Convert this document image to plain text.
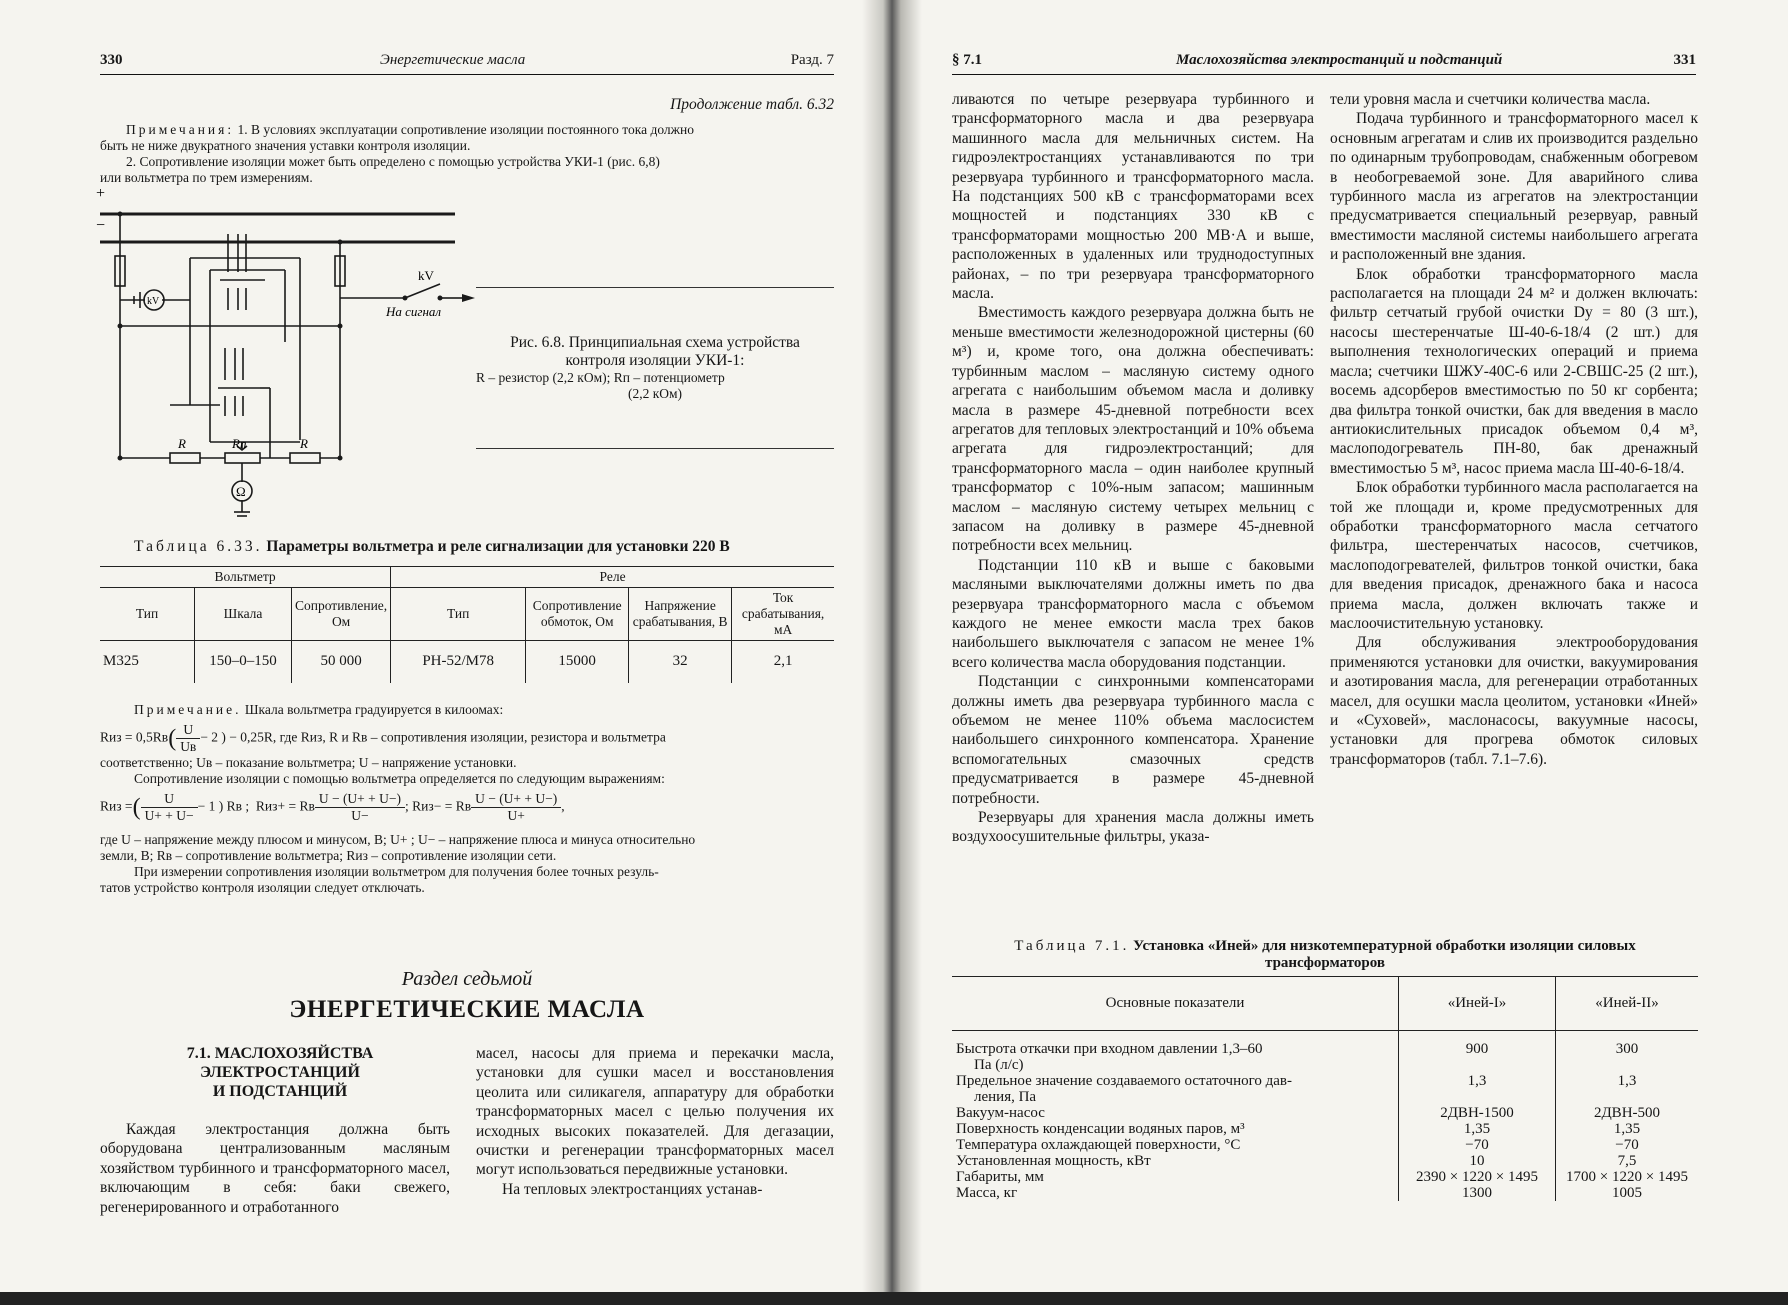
330	Энергетические масла	Разд. 7
Продолжение табл. 6.32
Примечания: 1. В условиях эксплуатации сопротивление изоляции постоянного тока должно
быть не ниже двукратного значения уставки контроля изоляции.
2. Сопротивление изоляции может быть определено с помощью устройства УКИ-1 (рис. 6,8)
или вольтметра по трем измерениям.
+
−
kV
kV
На сигнал
R	Rп	R
Ω
Рис. 6.8. Принципиальная схема устройства
контроля изоляции УКИ-1:
R – резистор (2,2 кОм); Rп – потенциометр
(2,2 кОм)
Таблица 6.33. Параметры вольтметра и реле сигнализации для установки 220 В
Вольтметр			Реле			
Тип	Шкала	Сопротивление, Ом	Тип	Сопротивление обмоток, Ом	Напряжение срабатывания, В	Ток срабатывания, мА
М325	150–0–150	50 000	РН-52/М78	15000	32	2,1
Примечание. Шкала вольтметра градуируется в килоомах:
Rиз = $0,5Rв( \frac{U}{Uв} - 2$ ) − 0,25R, где Rиз, R и Rв – сопротивления изоляции, резистора и вольтметра
соответственно; Uв – показание вольтметра; U – напряжение установки.
Сопротивление изоляции с помощью вольтметра определяется по следующим выражениям:
Rиз =( $\frac{U}{U+ + U-} - 1$ ) Rв ; Rиз+ = Rв $\frac{U - (U+ + U-)}{U-}$ ; Rиз− = Rв $\frac{U - (U+ + U-)}{U+}$ ,
где U – напряжение между плюсом и минусом, В; U+ ; U− – напряжение плюса и минуса относительно
земли, В; Rв – сопротивление вольтметра; Rиз – сопротивление изоляции сети.
При измерении сопротивления изоляции вольтметром для получения более точных резуль-
татов устройство контроля изоляции следует отключать.
Раздел седьмой
ЭНЕРГЕТИЧЕСКИЕ МАСЛА
7.1. МАСЛОХОЗЯЙСТВА
ЭЛЕКТРОСТАНЦИЙ
И ПОДСТАНЦИЙ

Каждая электростанция должна быть оборудована централизованным масляным хозяйством турбинного и трансформаторного масел, включающим в себя: баки свежего, регенерированного и отработанного

масел, насосы для приема и перекачки масла, установки для сушки масел и восстановления цеолита или силикагеля, аппаратуру для обработки трансформаторных масел с целью получения их исходных высоких показателей. Для дегазации, очистки и регенерации трансформаторных масел могут использоваться передвижные установки.

На тепловых электростанциях устанав-

§ 7.1	Маслохозяйства электростанций и подстанций	331

ливаются по четыре резервуара турбинного и трансформаторного масла и два резервуара машинного масла для мельничных систем. На гидроэлектростанциях устанавливаются по три резервуара турбинного и трансформаторного масла. На подстанциях 500 кВ с трансформаторами всех мощностей и подстанциях 330 кВ с трансформаторами мощностью 200 МВ·А и выше, расположенных в удаленных или труднодоступных районах, – по три резервуара трансформаторного масла.

Вместимость каждого резервуара должна быть не меньше вместимости железнодорожной цистерны (60 м³) и, кроме того, она должна обеспечивать: турбинным маслом – масляную систему одного агрегата с наибольшим объемом масла и доливку масла в размере 45-дневной потребности всех агрегатов для тепловых электростанций и 10% объема агрегата для гидроэлектростанций; для трансформаторного масла – один наиболее крупный трансформатор с 10%-ным запасом; машинным маслом – масляную систему четырех мельниц с запасом на доливку в размере 45-дневной потребности всех мельниц.

Подстанции 110 кВ и выше с баковыми масляными выключателями должны иметь по два резервуара трансформаторного масла с объемом каждого не менее емкости масла трех баков наибольшего выключателя с запасом не менее 1% всего количества масла оборудования подстанции.

Подстанции с синхронными компенсаторами должны иметь два резервуара турбинного масла с объемом не менее 110% объема маслосистем наибольшего синхронного компенсатора. Хранение вспомогательных смазочных средств предусматривается в размере 45-дневной потребности.

Резервуары для хранения масла должны иметь воздухоосушительные фильтры, указа-

тели уровня масла и счетчики количества масла.

Подача турбинного и трансформаторного масел к основным агрегатам и слив их производится раздельно по одинарным трубопроводам, снабженным обогревом в необогреваемой зоне. Для аварийного слива турбинного масла из агрегатов на электростанции предусматривается специальный резервуар, равный вместимости масляной системы наибольшего агрегата и расположенный вне здания.

Блок обработки трансформаторного масла располагается на площади 24 м² и должен включать: фильтр сетчатый грубой очистки Dу = 80 (3 шт.), насосы шестеренчатые Ш-40-6-18/4 (2 шт.) для выполнения технологических операций и приема масла; счетчики ШЖУ-40С-6 или 2-СВШС-25 (2 шт.), восемь адсорберов вместимостью по 50 кг сорбента; два фильтра тонкой очистки, бак для введения в масло антиокислительных присадок объемом 0,4 м³, маслоподогреватель ПН-80, бак дренажный вместимостью 5 м³, насос приема масла Ш-40-6-18/4.

Блок обработки турбинного масла располагается на той же площади и, кроме предусмотренных для обработки трансформаторного масла сетчатого фильтра, шестеренчатых насосов, счетчиков, маслоподогревателей, фильтров тонкой очистки, бака для введения присадок, дренажного бака и насоса приема масла, должен включать также и маслоочистительную установку.

Для обслуживания электрооборудования применяются установки для очистки, вакуумирования и азотирования масла, для регенерации отработанных масел, для осушки масла цеолитом, установки «Иней» и «Суховей», маслонасосы, вакуумные насосы, установки для прогрева обмоток силовых трансформаторов (табл. 7.1–7.6).

Таблица 7.1. Установка «Иней» для низкотемпературной обработки изоляции силовых
трансформаторов
Основные показатели	«Иней-I»	«Иней-II»

Быстрота откачки при входном давлении 1,3–60
Па (л/с)	900	300

Предельное значение создаваемого остаточного дав-
ления, Па	1,3	1,3

Вакуум-насос	2ДВН-1500	2ДВН-500

Поверхность конденсации водяных паров, м³	1,35	1,35

Температура охлаждающей поверхности, °С	−70	−70

Установленная мощность, кВт	10	7,5

Габариты, мм	2390 × 1220 × 1495	1700 × 1220 × 1495

Масса, кг	1300	1005
